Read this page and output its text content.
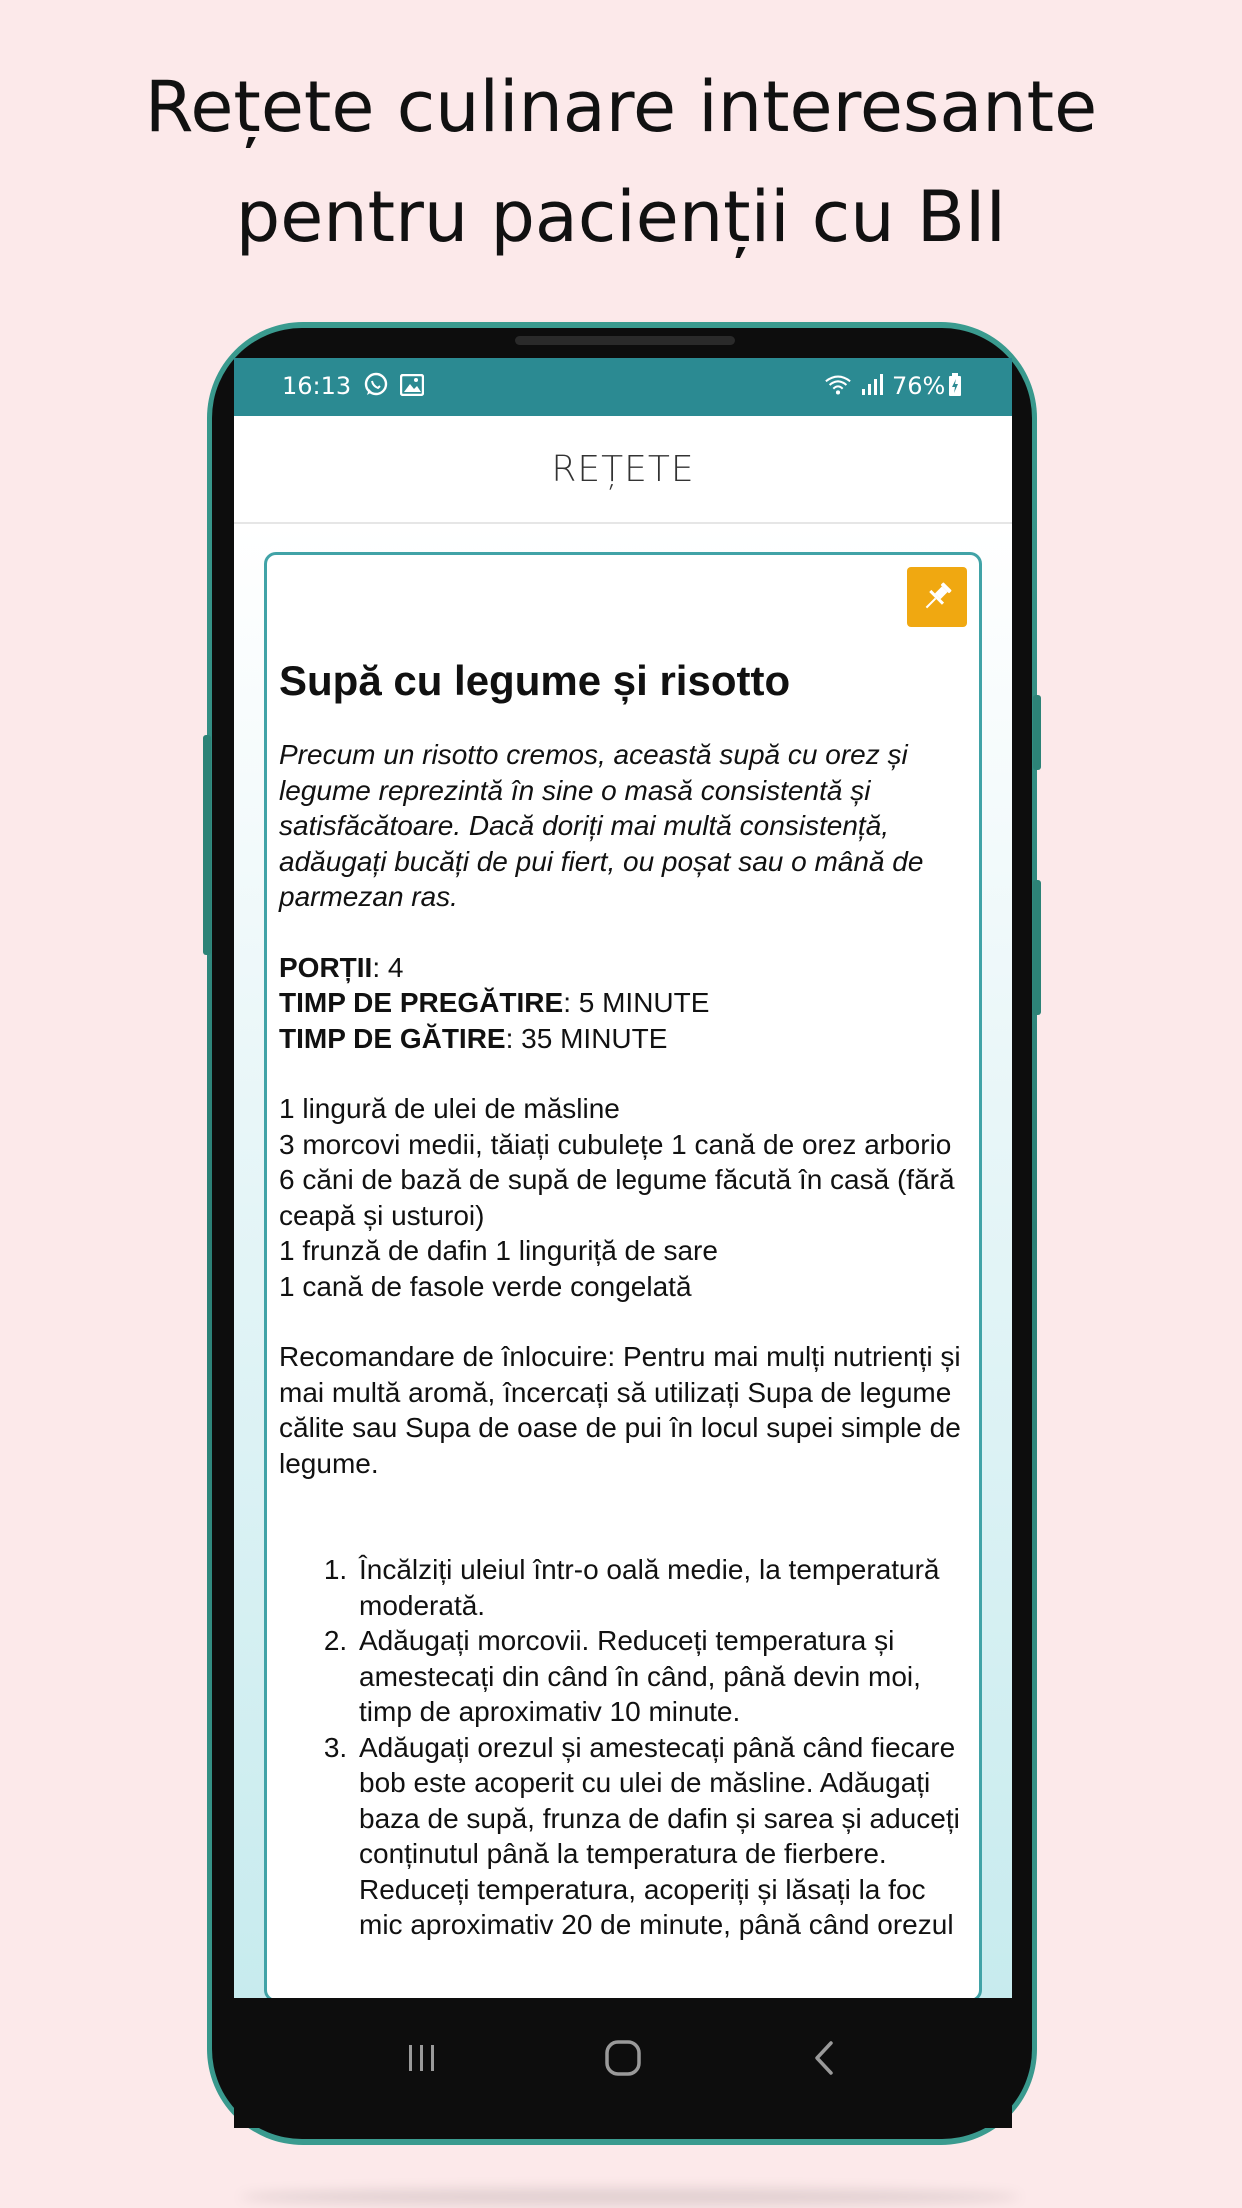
Rețete culinare interesante
pentru pacienții cu BII
16:13	76%
REȚETE
Supă cu legume și risotto
Precum un risotto cremos, această supă cu orez și legume reprezintă în sine o masă consistentă și satisfăcătoare. Dacă doriți mai multă consistență, adăugați bucăți de pui fiert, ou poșat sau o mână de parmezan ras.
PORȚII: 4
TIMP DE PREGĂTIRE: 5 MINUTE
TIMP DE GĂTIRE: 35 MINUTE
1 lingură de ulei de măsline
3 morcovi medii, tăiați cubulețe 1 cană de orez arborio
6 căni de bază de supă de legume făcută în casă (fără ceapă și usturoi)
1 frunză de dafin 1 linguriță de sare
1 cană de fasole verde congelată
Recomandare de înlocuire: Pentru mai mulți nutrienți și mai multă aromă, încercați să utilizați Supa de legume călite sau Supa de oase de pui în locul supei simple de legume.
1. Încălziți uleiul într-o oală medie, la temperatură moderată.
2. Adăugați morcovii. Reduceți temperatura și amestecați din când în când, până devin moi, timp de aproximativ 10 minute.
3. Adăugați orezul și amestecați până când fiecare bob este acoperit cu ulei de măsline. Adăugați baza de supă, frunza de dafin și sarea și aduceți conținutul până la temperatura de fierbere. Reduceți temperatura, acoperiți și lăsați la foc mic aproximativ 20 de minute, până când orezul
